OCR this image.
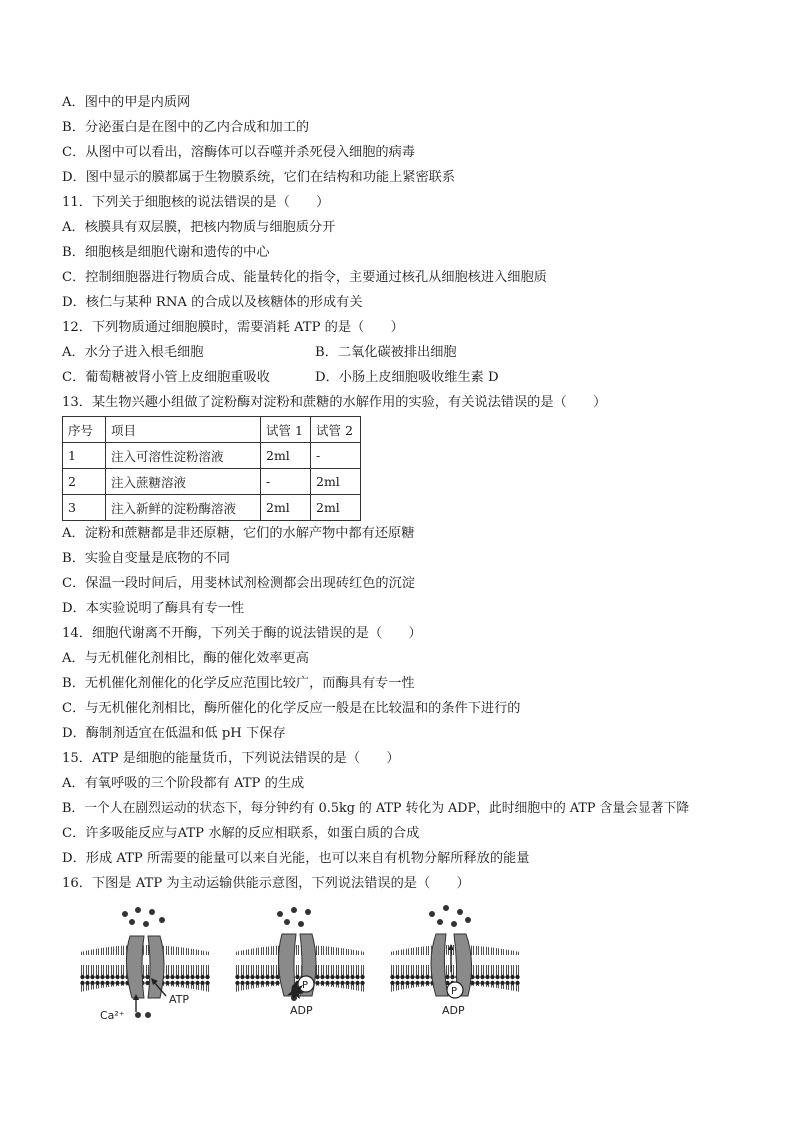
A．图中的甲是内质网
B．分泌蛋白是在图中的乙内合成和加工的
C．从图中可以看出，溶酶体可以吞噬并杀死侵入细胞的病毒
D．图中显示的膜都属于生物膜系统，它们在结构和功能上紧密联系
11．下列关于细胞核的说法错误的是（　　）
A．核膜具有双层膜，把核内物质与细胞质分开
B．细胞核是细胞代谢和遗传的中心
C．控制细胞器进行物质合成、能量转化的指令，主要通过核孔从细胞核进入细胞质
D．核仁与某种 RNA 的合成以及核糖体的形成有关
12．下列物质通过细胞膜时，需要消耗 ATP 的是（　　）
A．水分子进入根毛细胞	B．二氧化碳被排出细胞
C．葡萄糖被肾小管上皮细胞重吸收	D．小肠上皮细胞吸收维生素 D
13．某生物兴趣小组做了淀粉酶对淀粉和蔗糖的水解作用的实验，有关说法错误的是（　　）
序号	项目	试管 1	试管 2
1	注入可溶性淀粉溶液	2ml	-
2	注入蔗糖溶液	-	2ml
3	注入新鲜的淀粉酶溶液	2ml	2ml
A．淀粉和蔗糖都是非还原糖，它们的水解产物中都有还原糖
B．实验自变量是底物的不同
C．保温一段时间后，用斐林试剂检测都会出现砖红色的沉淀
D．本实验说明了酶具有专一性
14．细胞代谢离不开酶，下列关于酶的说法错误的是（　　）
A．与无机催化剂相比，酶的催化效率更高
B．无机催化剂催化的化学反应范围比较广，而酶具有专一性
C．与无机催化剂相比，酶所催化的化学反应一般是在比较温和的条件下进行的
D．酶制剂适宜在低温和低 pH 下保存
15．ATP 是细胞的能量货币，下列说法错误的是（　　）
A．有氧呼吸的三个阶段都有 ATP 的生成
B．一个人在剧烈运动的状态下，每分钟约有 0.5kg 的 ATP 转化为 ADP，此时细胞中的 ATP 含量会显著下降
C．许多吸能反应与ATP 水解的反应相联系，如蛋白质的合成
D．形成 ATP 所需要的能量可以来自光能，也可以来自有机物分解所释放的能量
16．下图是 ATP 为主动运输供能示意图，下列说法错误的是（　　）
Ca²⁺
ATP
P
ADP
P
ADP
